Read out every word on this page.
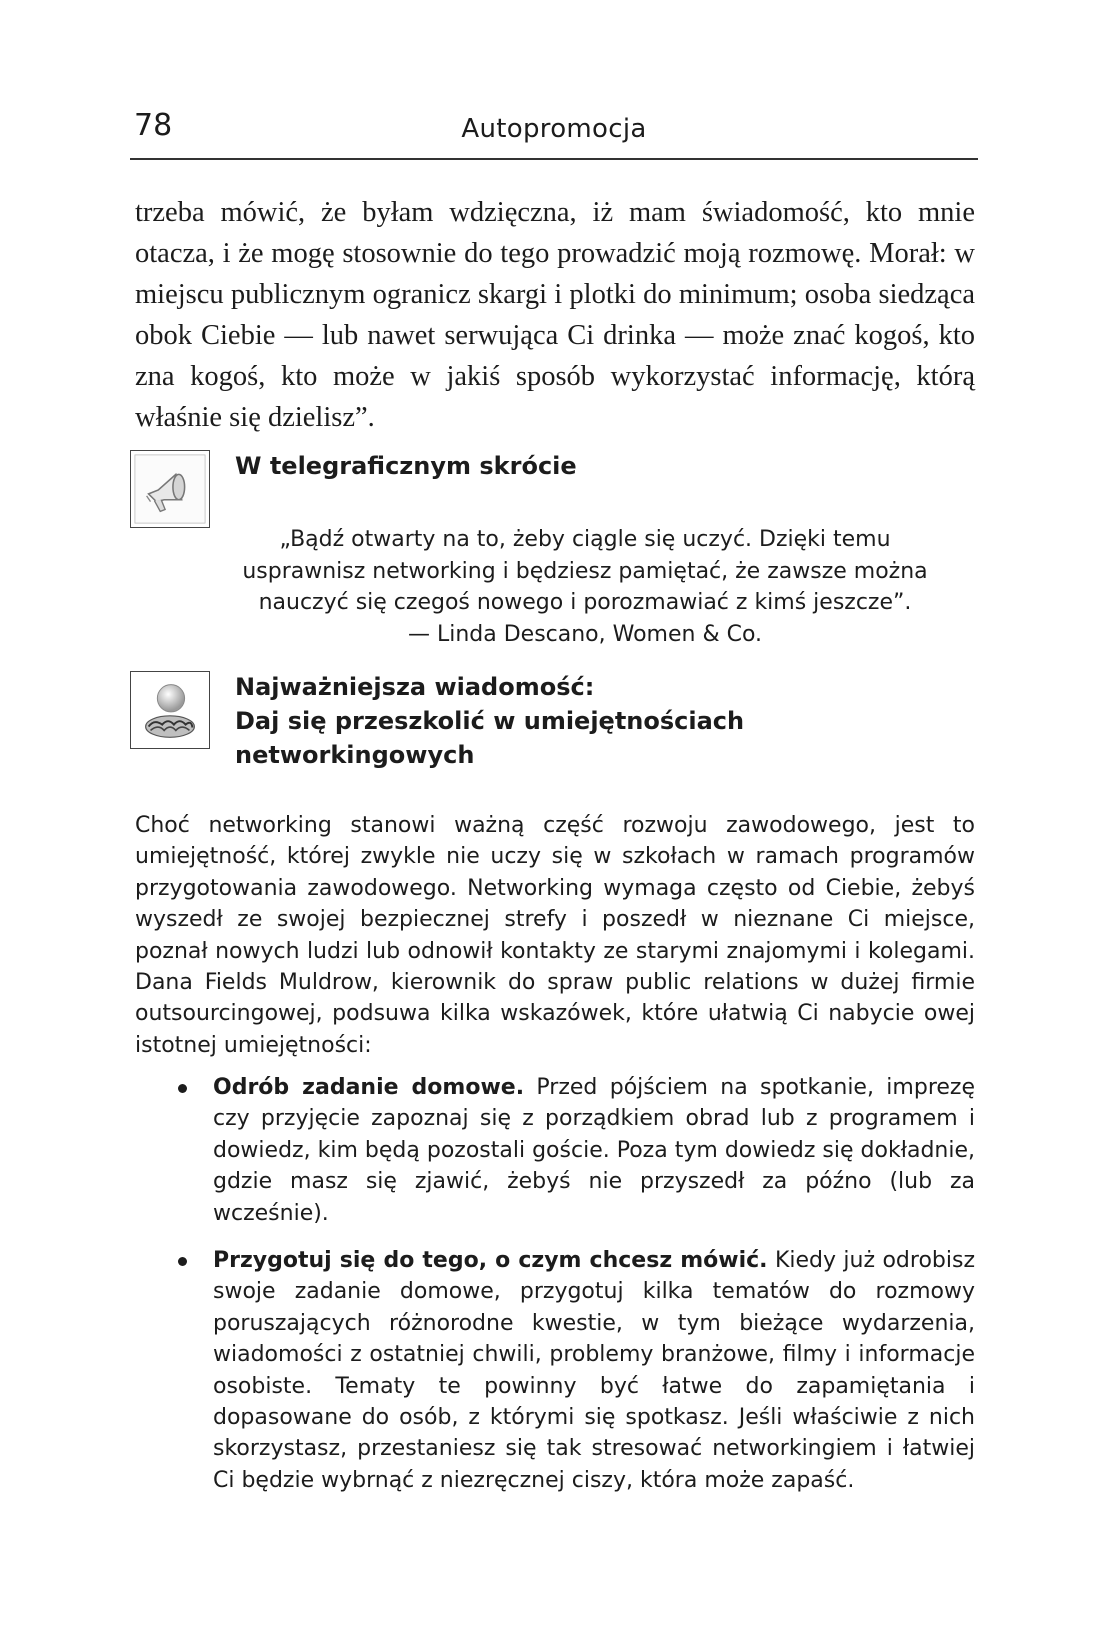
78	Autopromocja

trzeba mówić, że byłam wdzięczna, iż mam świadomość, kto mnie otacza, i że mogę stosownie do tego prowadzić moją rozmowę. Morał: w miejscu publicznym ogranicz skargi i plotki do minimum; osoba siedząca obok Ciebie — lub nawet serwująca Ci drinka — może znać kogoś, kto zna kogoś, kto może w jakiś sposób wykorzystać informację, którą właśnie się dzielisz”.

W telegraficznym skrócie

„Bądź otwarty na to, żeby ciągle się uczyć. Dzięki temu

usprawnisz networking i będziesz pamiętać, że zawsze można

nauczyć się czegoś nowego i porozmawiać z kimś jeszcze”.

— Linda Descano, Women & Co.

Najważniejsza wiadomość:
Daj się przeszkolić w umiejętnościach
networkingowych

Choć networking stanowi ważną część rozwoju zawodowego, jest to umiejętność, której zwykle nie uczy się w szkołach w ramach programów przygotowania zawodowego. Networking wymaga często od Ciebie, żebyś wyszedł ze swojej bezpiecznej strefy i poszedł w nieznane Ci miejsce, poznał nowych ludzi lub odnowił kontakty ze starymi znajomymi i kolegami. Dana Fields Muldrow, kierownik do spraw public relations w dużej firmie outsourcingowej, podsuwa kilka wskazówek, które ułatwią Ci nabycie owej istotnej umiejętności:

Odrób zadanie domowe. Przed pójściem na spotkanie, imprezę czy przyjęcie zapoznaj się z porządkiem obrad lub z programem i dowiedz, kim będą pozostali goście. Poza tym dowiedz się dokładnie, gdzie masz się zjawić, żebyś nie przyszedł za późno (lub za wcześnie).
Przygotuj się do tego, o czym chcesz mówić. Kiedy już odrobisz swoje zadanie domowe, przygotuj kilka tematów do rozmowy poruszających różnorodne kwestie, w tym bieżące wydarzenia, wiadomości z ostatniej chwili, problemy branżowe, filmy i informacje osobiste. Tematy te powinny być łatwe do zapamiętania i dopasowane do osób, z którymi się spotkasz. Jeśli właściwie z nich skorzystasz, przestaniesz się tak stresować networkingiem i łatwiej Ci będzie wybrnąć z niezręcznej ciszy, która może zapaść.
